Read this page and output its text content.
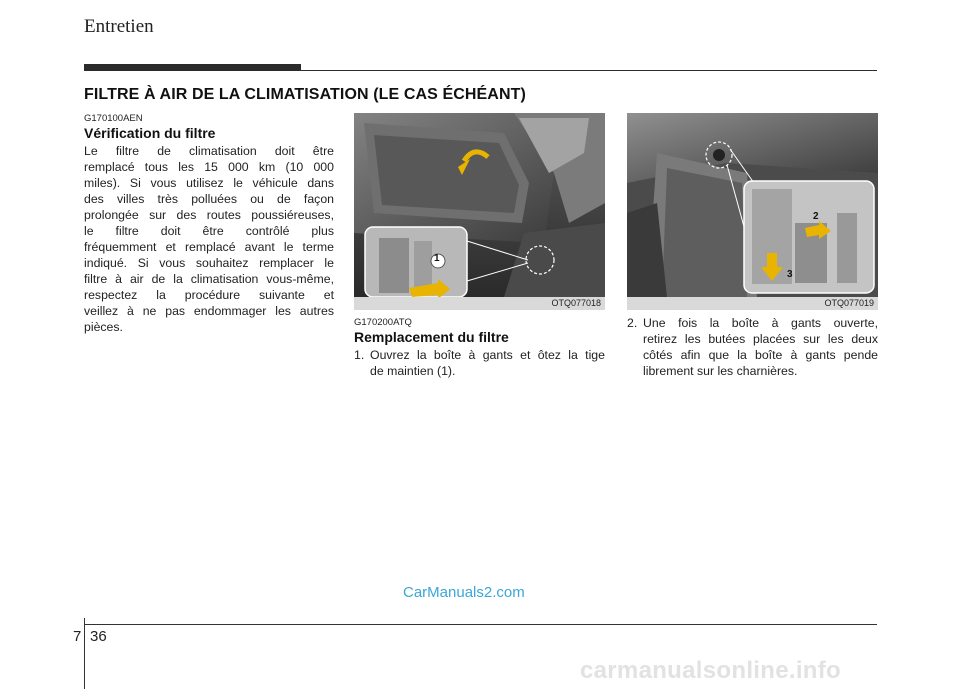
Entretien
FILTRE À AIR DE LA CLIMATISATION (LE CAS ÉCHÉANT)
G170100AEN
Vérification du filtre
Le filtre de climatisation doit être
remplacé tous les 15 000 km (10 000
miles). Si vous utilisez le véhicule dans
des villes très polluées ou de façon
prolongée sur des routes poussiéreuses,
le filtre doit être contrôlé plus
fréquemment et remplacé avant le terme
indiqué. Si vous souhaitez remplacer le
filtre à air de la climatisation vous-même,
respectez la procédure suivante et
veillez à ne pas endommager les autres
pièces.
1
OTQ077018
G170200ATQ
Remplacement du filtre
1. Ouvrez la boîte à gants et ôtez la tige
de maintien (1).
2
3
OTQ077019
2. Une fois la boîte à gants ouverte,
retirez les butées placées sur les deux
côtés afin que la boîte à gants pende
librement sur les charnières.
CarManuals2.com
7 36
carmanualsonline.info
